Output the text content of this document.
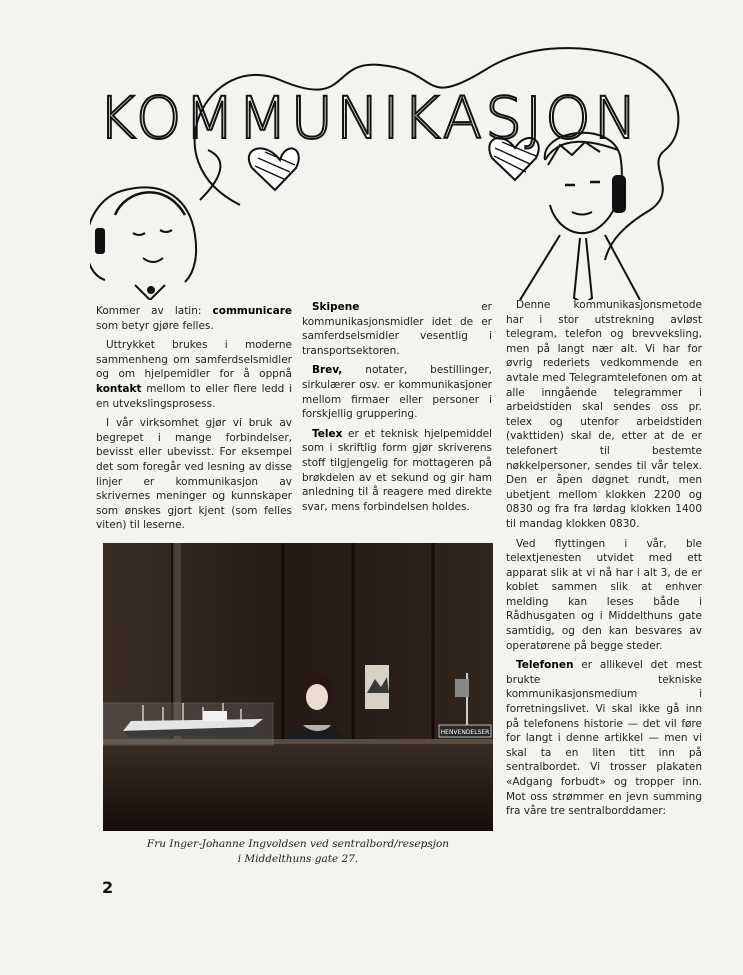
KOMMUNIKASJON

Kommer av latin: communicare som betyr gjøre felles.

Uttrykket brukes i moderne sammenheng om samferdselsmidler og om hjelpemidler for å oppnå kontakt mellom to eller flere ledd i en utvekslingsprosess.

I vår virksomhet gjør vi bruk av begrepet i mange forbindelser, bevisst eller ubevisst. For eksempel det som foregår ved lesning av disse linjer er kommunikasjon av skrivernes meninger og kunnskaper som ønskes gjort kjent (som felles viten) til leserne.

Skipene er kommunikasjonsmidler idet de er samferdselsmidler vesentlig i transportsektoren.

Brev, notater, bestillinger, sirkulærer osv. er kommunikasjoner mellom firmaer eller personer i forskjellig gruppering.

Telex er et teknisk hjelpemiddel som i skriftlig form gjør skriverens stoff tilgjengelig for mottageren på brøkdelen av et sekund og gir ham anledning til å reagere med direkte svar, mens forbindelsen holdes.

Denne kommunikasjonsmetode har i stor utstrekning avløst telegram, telefon og brevveksling, men på langt nær alt. Vi har for øvrig rederiets vedkommende en avtale med Telegramtelefonen om at alle inngående telegrammer i arbeidstiden skal sendes oss pr. telex og utenfor arbeidstiden (vakttiden) skal de, etter at de er telefonert til bestemte nøkkelpersoner, sendes til vår telex. Den er åpen døgnet rundt, men ubetjent mellom klokken 2200 og 0830 og fra fra lørdag klokken 1400 til mandag klokken 0830.

Ved flyttingen i vår, ble telextjenesten utvidet med ett apparat slik at vi nå har i alt 3, de er koblet sammen slik at enhver melding kan leses både i Rådhusgaten og i Middelthuns gate samtidig, og den kan besvares av operatørene på begge steder.

Telefonen er allikevel det mest brukte tekniske kommunikasjonsmedium i forretningslivet. Vi skal ikke gå inn på telefonens historie — det vil føre for langt i denne artikkel — men vi skal ta en liten titt inn på sentralbordet. Vi trosser plakaten «Adgang forbudt» og tropper inn. Mot oss strømmer en jevn summing fra våre tre sentralborddamer:

HENVENDELSER
Fru Inger-Johanne Ingvoldsen ved sentralbord/resepsjon
i Middelthuns gate 27.
2
